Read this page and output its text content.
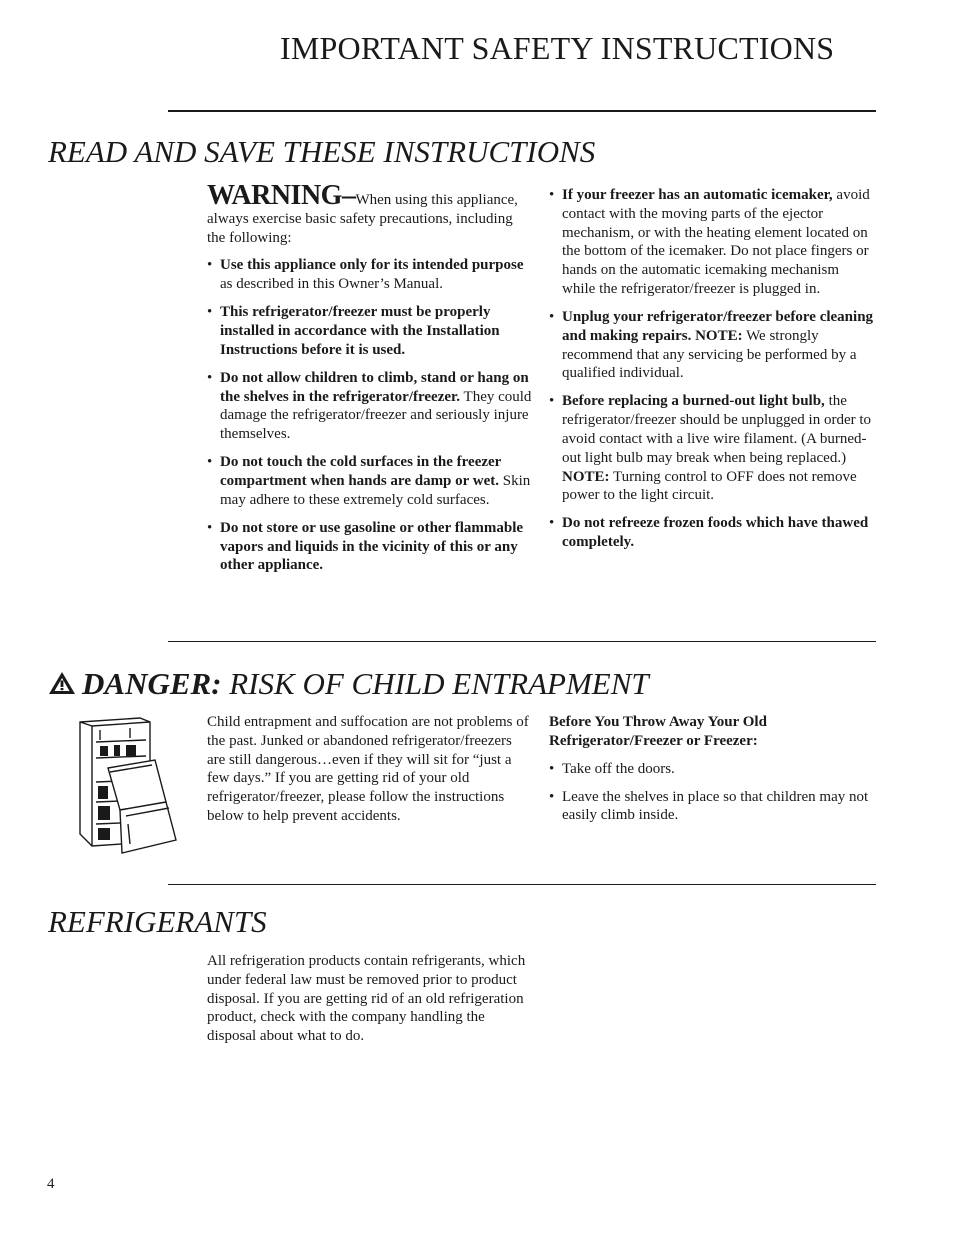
IMPORTANT SAFETY INSTRUCTIONS
READ AND SAVE THESE INSTRUCTIONS

WARNING–When using this appliance, always exercise basic safety precautions, including the following:

• Use this appliance only for its intended purpose as described in this Owner’s Manual.
• This refrigerator/freezer must be properly installed in accordance with the Installation Instructions before it is used.
• Do not allow children to climb, stand or hang on the shelves in the refrigerator/freezer. They could damage the refrigerator/freezer and seriously injure themselves.
• Do not touch the cold surfaces in the freezer compartment when hands are damp or wet. Skin may adhere to these extremely cold surfaces.
• Do not store or use gasoline or other flammable vapors and liquids in the vicinity of this or any other appliance.
• If your freezer has an automatic icemaker, avoid contact with the moving parts of the ejector mechanism, or with the heating element located on the bottom of the icemaker. Do not place fingers or hands on the automatic icemaking mechanism while the refrigerator/freezer is plugged in.
• Unplug your refrigerator/freezer before cleaning and making repairs. NOTE: We strongly recommend that any servicing be performed by a qualified individual.
• Before replacing a burned-out light bulb, the refrigerator/freezer should be unplugged in order to avoid contact with a live wire filament. (A burned-out light bulb may break when being replaced.) NOTE: Turning control to OFF does not remove power to the light circuit.
• Do not refreeze frozen foods which have thawed completely.
DANGER: RISK OF CHILD ENTRAPMENT

Child entrapment and suffocation are not problems of the past. Junked or abandoned refrigerator/freezers are still dangerous…even if they will sit for “just a few days.” If you are getting rid of your old refrigerator/freezer, please follow the instructions below to help prevent accidents.

Before You Throw Away Your Old Refrigerator/Freezer or Freezer:

• Take off the doors.
• Leave the shelves in place so that children may not easily climb inside.
REFRIGERANTS

All refrigeration products contain refrigerants, which under federal law must be removed prior to product disposal. If you are getting rid of an old refrigeration product, check with the company handling the disposal about what to do.

4
